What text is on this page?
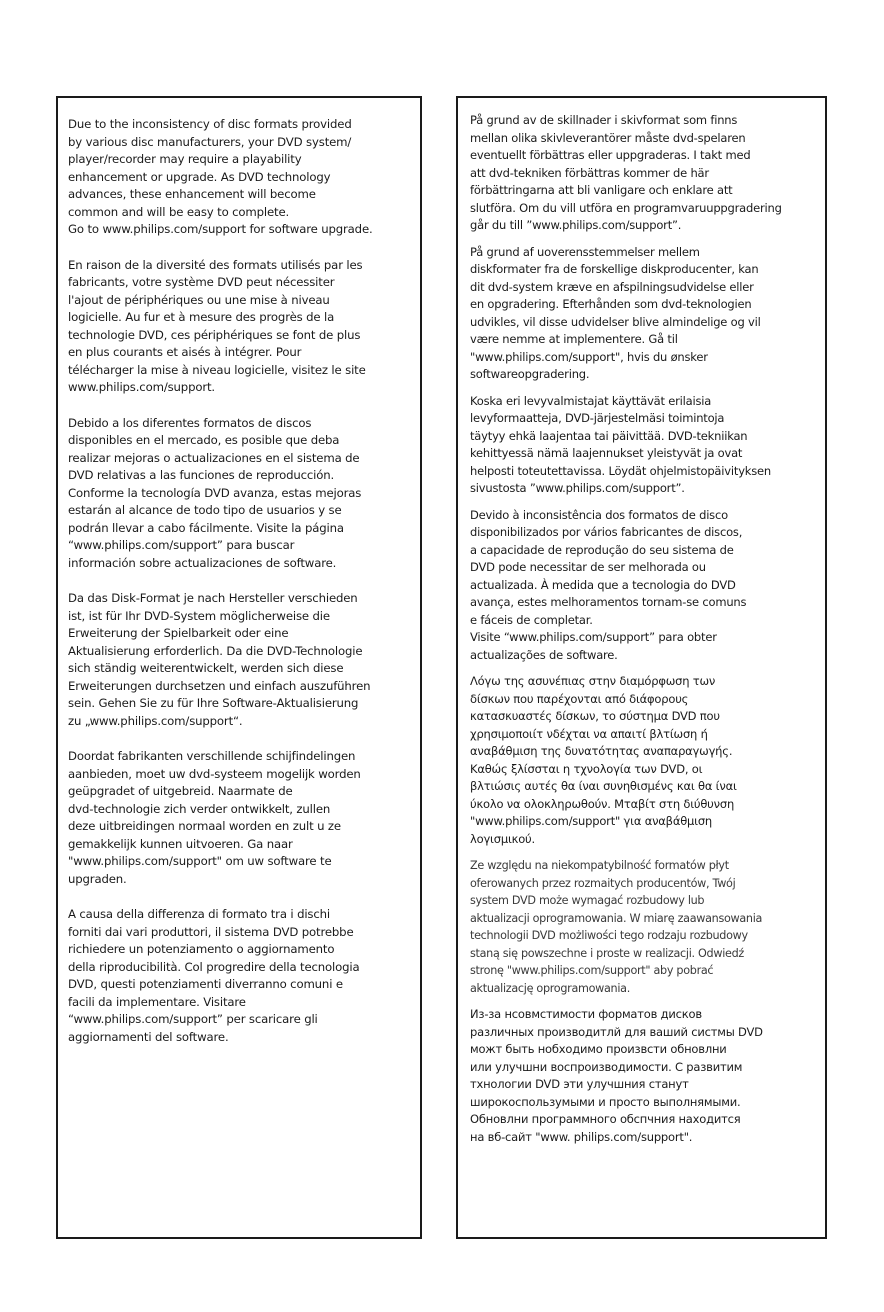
Due to the inconsistency of disc formats provided
by various disc manufacturers, your DVD system/
player/recorder may require a playability
enhancement or upgrade. As DVD technology
advances, these enhancement will become
common and will be easy to complete.
Go to www.philips.com/support for software upgrade.

En raison de la diversité des formats utilisés par les
fabricants, votre système DVD peut nécessiter
l'ajout de périphériques ou une mise à niveau
logicielle. Au fur et à mesure des progrès de la
technologie DVD, ces périphériques se font de plus
en plus courants et aisés à intégrer. Pour
télécharger la mise à niveau logicielle, visitez le site
www.philips.com/support.

Debido a los diferentes formatos de discos
disponibles en el mercado, es posible que deba
realizar mejoras o actualizaciones en el sistema de
DVD relativas a las funciones de reproducción.
Conforme la tecnología DVD avanza, estas mejoras
estarán al alcance de todo tipo de usuarios y se
podrán llevar a cabo fácilmente. Visite la página
“www.philips.com/support” para buscar
información sobre actualizaciones de software.

Da das Disk-Format je nach Hersteller verschieden
ist, ist für Ihr DVD-System möglicherweise die
Erweiterung der Spielbarkeit oder eine
Aktualisierung erforderlich. Da die DVD-Technologie
sich ständig weiterentwickelt, werden sich diese
Erweiterungen durchsetzen und einfach auszuführen
sein. Gehen Sie zu für Ihre Software-Aktualisierung
zu „www.philips.com/support“.

Doordat fabrikanten verschillende schijfindelingen
aanbieden, moet uw dvd-systeem mogelijk worden
geüpgradet of uitgebreid. Naarmate de
dvd-technologie zich verder ontwikkelt, zullen
deze uitbreidingen normaal worden en zult u ze
gemakkelijk kunnen uitvoeren. Ga naar
"www.philips.com/support" om uw software te
upgraden.

A causa della differenza di formato tra i dischi
forniti dai vari produttori, il sistema DVD potrebbe
richiedere un potenziamento o aggiornamento
della riproducibilità. Col progredire della tecnologia
DVD, questi potenziamenti diverranno comuni e
facili da implementare. Visitare
“www.philips.com/support” per scaricare gli
aggiornamenti del software.

På grund av de skillnader i skivformat som finns
mellan olika skivleverantörer måste dvd-spelaren
eventuellt förbättras eller uppgraderas. I takt med
att dvd-tekniken förbättras kommer de här
förbättringarna att bli vanligare och enklare att
slutföra. Om du vill utföra en programvaruuppgradering
går du till ”www.philips.com/support”.

På grund af uoverensstemmelser mellem
diskformater fra de forskellige diskproducenter, kan
dit dvd-system kræve en afspilningsudvidelse eller
en opgradering. Efterhånden som dvd-teknologien
udvikles, vil disse udvidelser blive almindelige og vil
være nemme at implementere. Gå til
"www.philips.com/support", hvis du ønsker
softwareopgradering.

Koska eri levyvalmistajat käyttävät erilaisia
levyformaatteja, DVD-järjestelmäsi toimintoja
täytyy ehkä laajentaa tai päivittää. DVD-tekniikan
kehittyessä nämä laajennukset yleistyvät ja ovat
helposti toteutettavissa. Löydät ohjelmistopäivityksen
sivustosta ”www.philips.com/support”.

Devido à inconsistência dos formatos de disco
disponibilizados por vários fabricantes de discos,
a capacidade de reprodução do seu sistema de
DVD pode necessitar de ser melhorada ou
actualizada. À medida que a tecnologia do DVD
avança, estes melhoramentos tornam-se comuns
e fáceis de completar.
Visite “www.philips.com/support” para obter
actualizações de software.

Λόγω της ασυνέπιας στην διαμόρφωση των
δίσκων που παρέχονται από διάφορους
κατασκυαστές δίσκων, το σύστημα DVD που
χρησιμοποιίτ νδέχται να απαιτί βλτίωση ή
αναβάθμιση της δυνατότητας αναπαραγωγής.
Καθώς ξλίσσται η τχνολογία των DVD, οι
βλτιώσις αυτές θα ίναι συνηθισμένς και θα ίναι
ύκολο να ολοκληρωθούν. Μταβίτ στη διύθυνση
"www.philips.com/support" για αναβάθμιση
λογισμικού.

Ze względu na niekompatybilność formatów płyt
oferowanych przez rozmaitych producentów, Twój
system DVD może wymagać rozbudowy lub
aktualizacji oprogramowania. W miarę zaawansowania
technologii DVD możliwości tego rodzaju rozbudowy
staną się powszechne i proste w realizacji. Odwiedź
stronę "www.philips.com/support" aby pobrać
aktualizację oprogramowania.

Из-за нсовмстимости форматов дисков
различных производитлй для ваший систмы DVD
можт быть нобходимо произвсти обновлни
или улучшни воспроизводимости. С развитим
тхнологии DVD эти улучшния станут
широкоспользумыми и просто выполнямыми.
Обновлни программного обспчния находится
на вб-сайт "www. philips.com/support".
